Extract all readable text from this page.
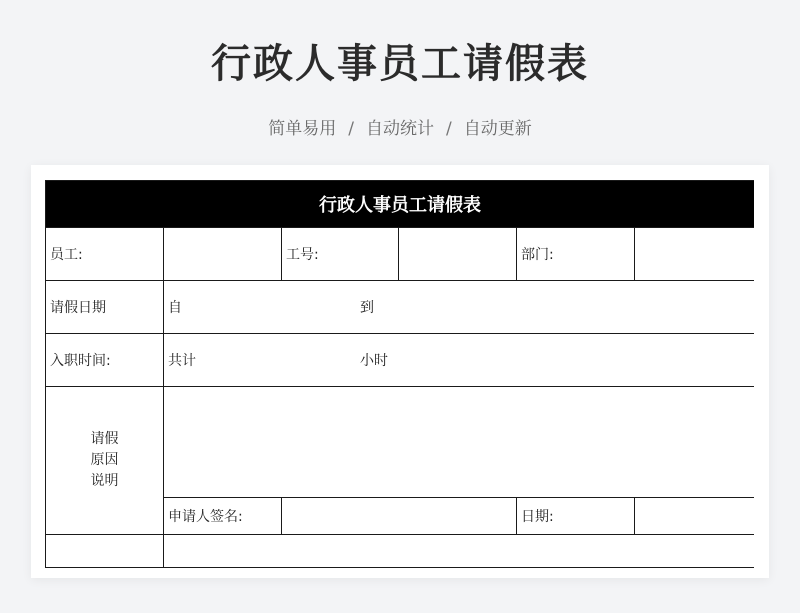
行政人事员工请假表
简单易用 / 自动统计 / 自动更新
行政人事员工请假表					
员工:		工号:		部门:	
请假日期	自 到				
入职时间:	共计 小时				

请假
原因
说明					

	申请人签名:			日期:	
